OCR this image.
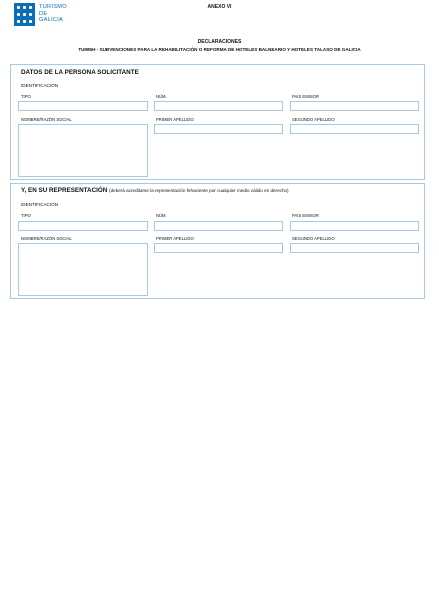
TURISMO
DE
GALICIA
ANEXO VI
DECLARACIONES
TU985H - SUBVENCIONES PARA LA REHABILITACIÓN O REFORMA DE HOTELES BALNEARIO Y HOTELES TALASO DE GALICIA
DATOS DE LA PERSONA SOLICITANTE
IDENTIFICACIÓN
TIPO	NÚM.	PAÍS EMISOR
NOMBRE/RAZÓN SOCIAL	PRIMER APELLIDO	SEGUNDO APELLIDO
Y, EN SU REPRESENTACIÓN (deberá acreditarse la representación fehaciente por cualquier medio válido en derecho)
IDENTIFICACIÓN
TIPO	NÚM.	PAÍS EMISOR
NOMBRE/RAZÓN SOCIAL	PRIMER APELLIDO	SEGUNDO APELLIDO
